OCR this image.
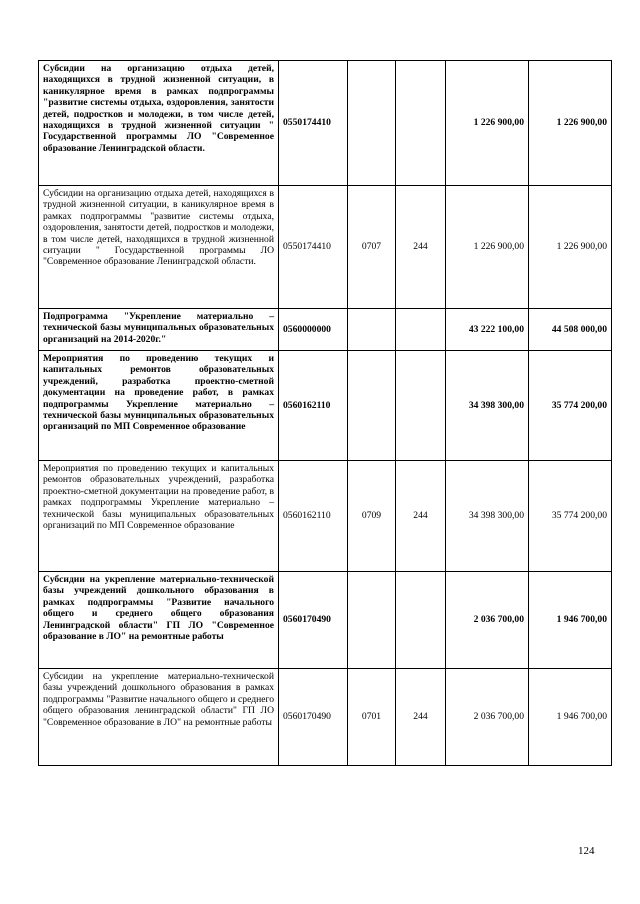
Субсидии на организацию отдыха детей, находящихся в трудной жизненной ситуации, в каникулярное время в рамках подпрограммы "развитие системы отдыха, оздоровления, занятости детей, подростков и молодежи, в том числе детей, находящихся в трудной жизненной ситуации " Государственной программы ЛО "Современное образование Ленинградской области.	0550174410			1 226 900,00	1 226 900,00
Субсидии на организацию отдыха детей, находящихся в трудной жизненной ситуации, в каникулярное время в рамках подпрограммы "развитие системы отдыха, оздоровления, занятости детей, подростков и молодежи, в том числе детей, находящихся в трудной жизненной ситуации " Государственной программы ЛО "Современное образование Ленинградской области.	0550174410	0707	244	1 226 900,00	1 226 900,00
Подпрограмма "Укрепление материально – технической базы муниципальных образовательных организаций на 2014-2020г."	0560000000			43 222 100,00	44 508 000,00
Мероприятия по проведению текущих и капитальных ремонтов образовательных учреждений, разработка проектно-сметной документации на проведение работ, в рамках подпрограммы Укрепление материально – технической базы муниципальных образовательных организаций по МП Современное образование	0560162110			34 398 300,00	35 774 200,00
Мероприятия по проведению текущих и капитальных ремонтов образовательных учреждений, разработка проектно-сметной документации на проведение работ, в рамках подпрограммы Укрепление материально – технической базы муниципальных образовательных организаций по МП Современное образование	0560162110	0709	244	34 398 300,00	35 774 200,00
Субсидии на укрепление материально-технической базы учреждений дошкольного образования в рамках подпрограммы "Развитие начального общего и среднего общего образования Ленинградской области" ГП ЛО "Современное образование в ЛО" на ремонтные работы	0560170490			2 036 700,00	1 946 700,00
Субсидии на укрепление материально-технической базы учреждений дошкольного образования в рамках подпрограммы "Развитие начального общего и среднего общего образования ленинградской области" ГП ЛО "Современное образование в ЛО" на ремонтные работы	0560170490	0701	244	2 036 700,00	1 946 700,00
124
